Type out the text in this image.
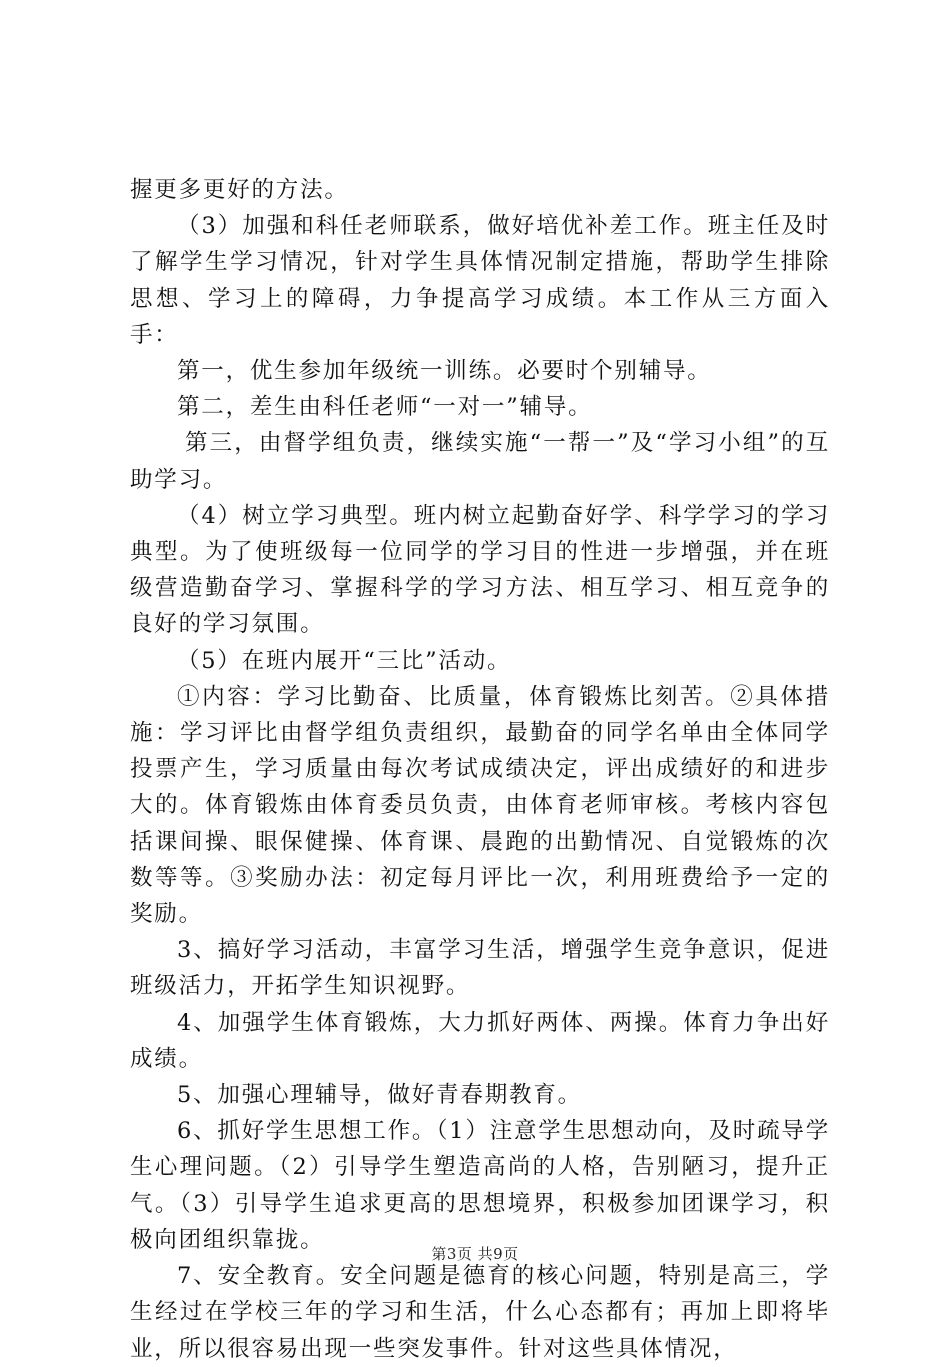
握更多更好的方法。

（3）加强和科任老师联系，做好培优补差工作。班主任及时了解学生学习情况，针对学生具体情况制定措施，帮助学生排除思想、学习上的障碍，力争提高学习成绩。本工作从三方面入手：

第一，优生参加年级统一训练。必要时个别辅导。

第二，差生由科任老师“一对一”辅导。

第三，由督学组负责，继续实施“一帮一”及“学习小组”的互助学习。

（4）树立学习典型。班内树立起勤奋好学、科学学习的学习典型。为了使班级每一位同学的学习目的性进一步增强，并在班级营造勤奋学习、掌握科学的学习方法、相互学习、相互竞争的良好的学习氛围。

（5）在班内展开“三比”活动。

①内容：学习比勤奋、比质量，体育锻炼比刻苦。②具体措施：学习评比由督学组负责组织，最勤奋的同学名单由全体同学投票产生，学习质量由每次考试成绩决定，评出成绩好的和进步大的。体育锻炼由体育委员负责，由体育老师审核。考核内容包括课间操、眼保健操、体育课、晨跑的出勤情况、自觉锻炼的次数等等。③奖励办法：初定每月评比一次，利用班费给予一定的奖励。

3、搞好学习活动，丰富学习生活，增强学生竞争意识，促进班级活力，开拓学生知识视野。

4、加强学生体育锻炼，大力抓好两体、两操。体育力争出好成绩。

5、加强心理辅导，做好青春期教育。

6、抓好学生思想工作。（1）注意学生思想动向，及时疏导学生心理问题。（2）引导学生塑造高尚的人格，告别陋习，提升正气。（3）引导学生追求更高的思想境界，积极参加团课学习，积极向团组织靠拢。

7、安全教育。安全问题是德育的核心问题，特别是高三，学生经过在学校三年的学习和生活，什么心态都有；再加上即将毕业，所以很容易出现一些突发事件。针对这些具体情况，

第3页 共9页
